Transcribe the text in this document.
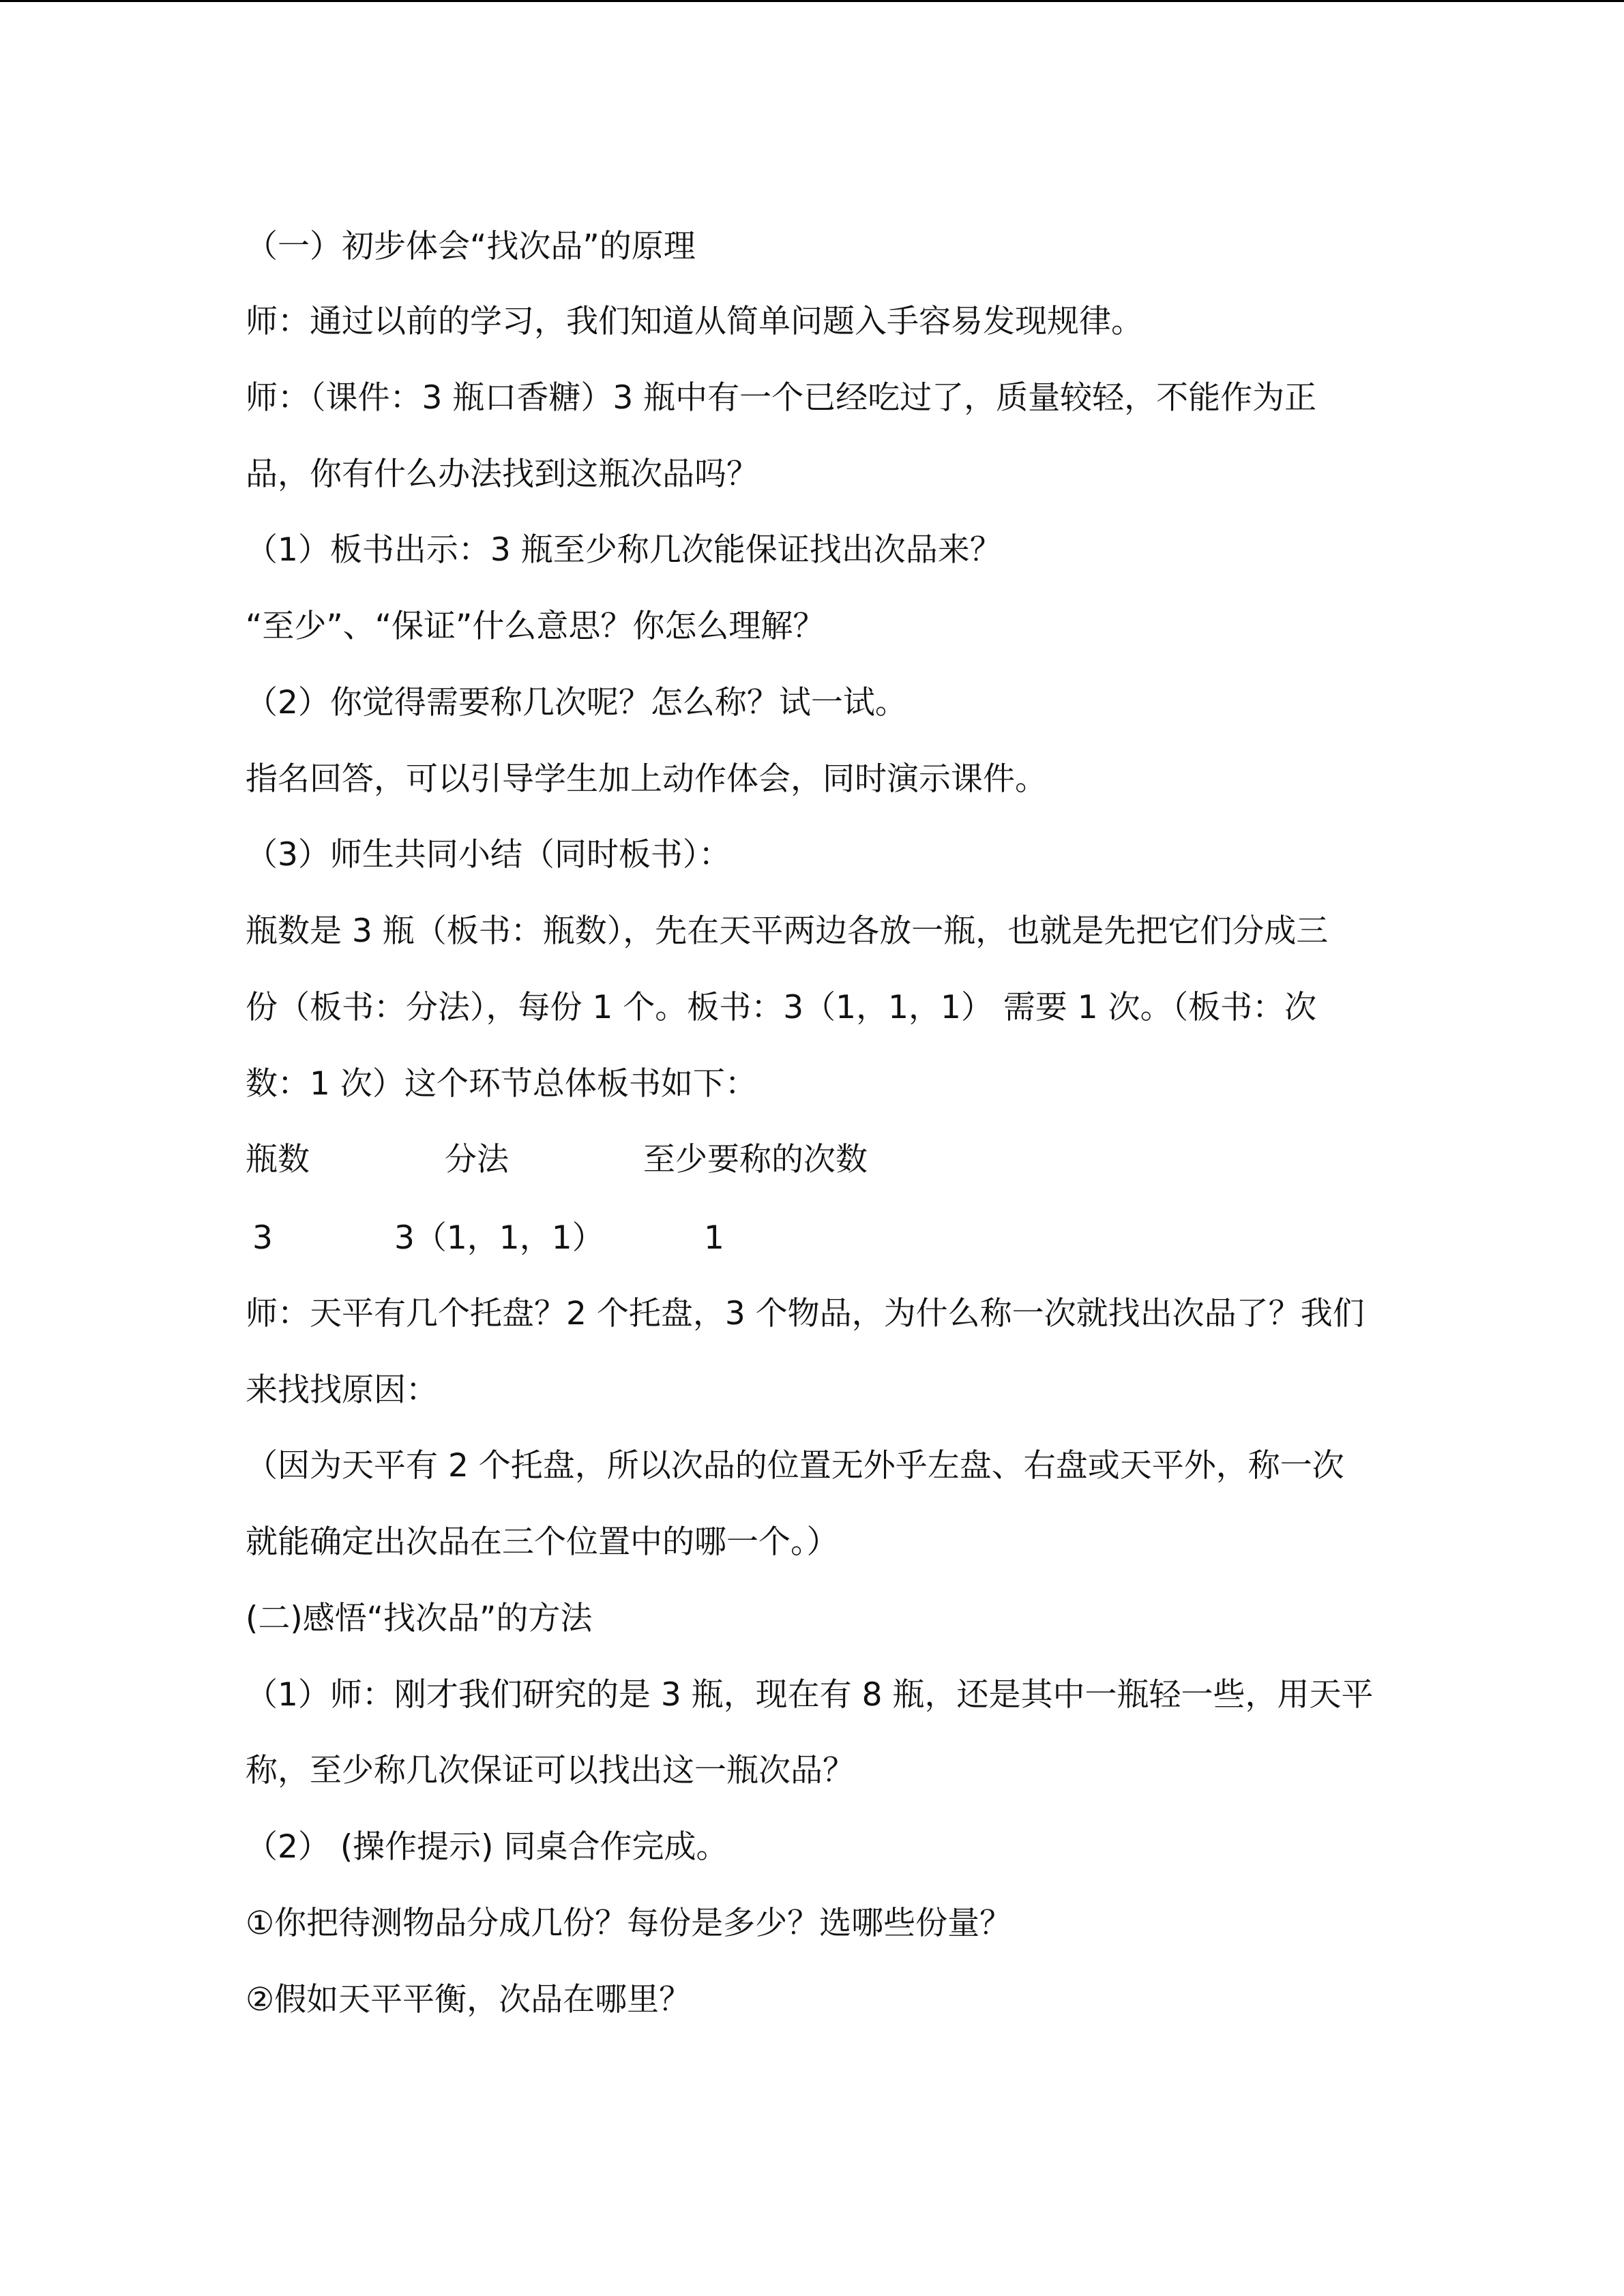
（一）初步体会“找次品”的原理
师：通过以前的学习，我们知道从简单问题入手容易发现规律。
师：（课件：3 瓶口香糖）3 瓶中有一个已经吃过了，质量较轻，不能作为正
品，你有什么办法找到这瓶次品吗？
（1）板书出示：3 瓶至少称几次能保证找出次品来？
“至少”、“保证”什么意思？你怎么理解？
（2）你觉得需要称几次呢？怎么称？试一试。
指名回答，可以引导学生加上动作体会，同时演示课件。
（3）师生共同小结（同时板书）：
瓶数是 3 瓶（板书：瓶数），先在天平两边各放一瓶，也就是先把它们分成三
份（板书：分法），每份 1 个。板书：3（1，1，1） 需要 1 次。（板书：次
数：1 次）这个环节总体板书如下：
瓶数	分法	至少要称的次数
3	3（1，1，1）	1
师：天平有几个托盘？2 个托盘，3 个物品，为什么称一次就找出次品了？我们
来找找原因：
（因为天平有 2 个托盘，所以次品的位置无外乎左盘、右盘或天平外，称一次
就能确定出次品在三个位置中的哪一个。）
(二)感悟“找次品”的方法
（1）师：刚才我们研究的是 3 瓶，现在有 8 瓶，还是其中一瓶轻一些，用天平
称，至少称几次保证可以找出这一瓶次品？
（2） (操作提示) 同桌合作完成。
①你把待测物品分成几份？每份是多少？选哪些份量？
②假如天平平衡，次品在哪里？
